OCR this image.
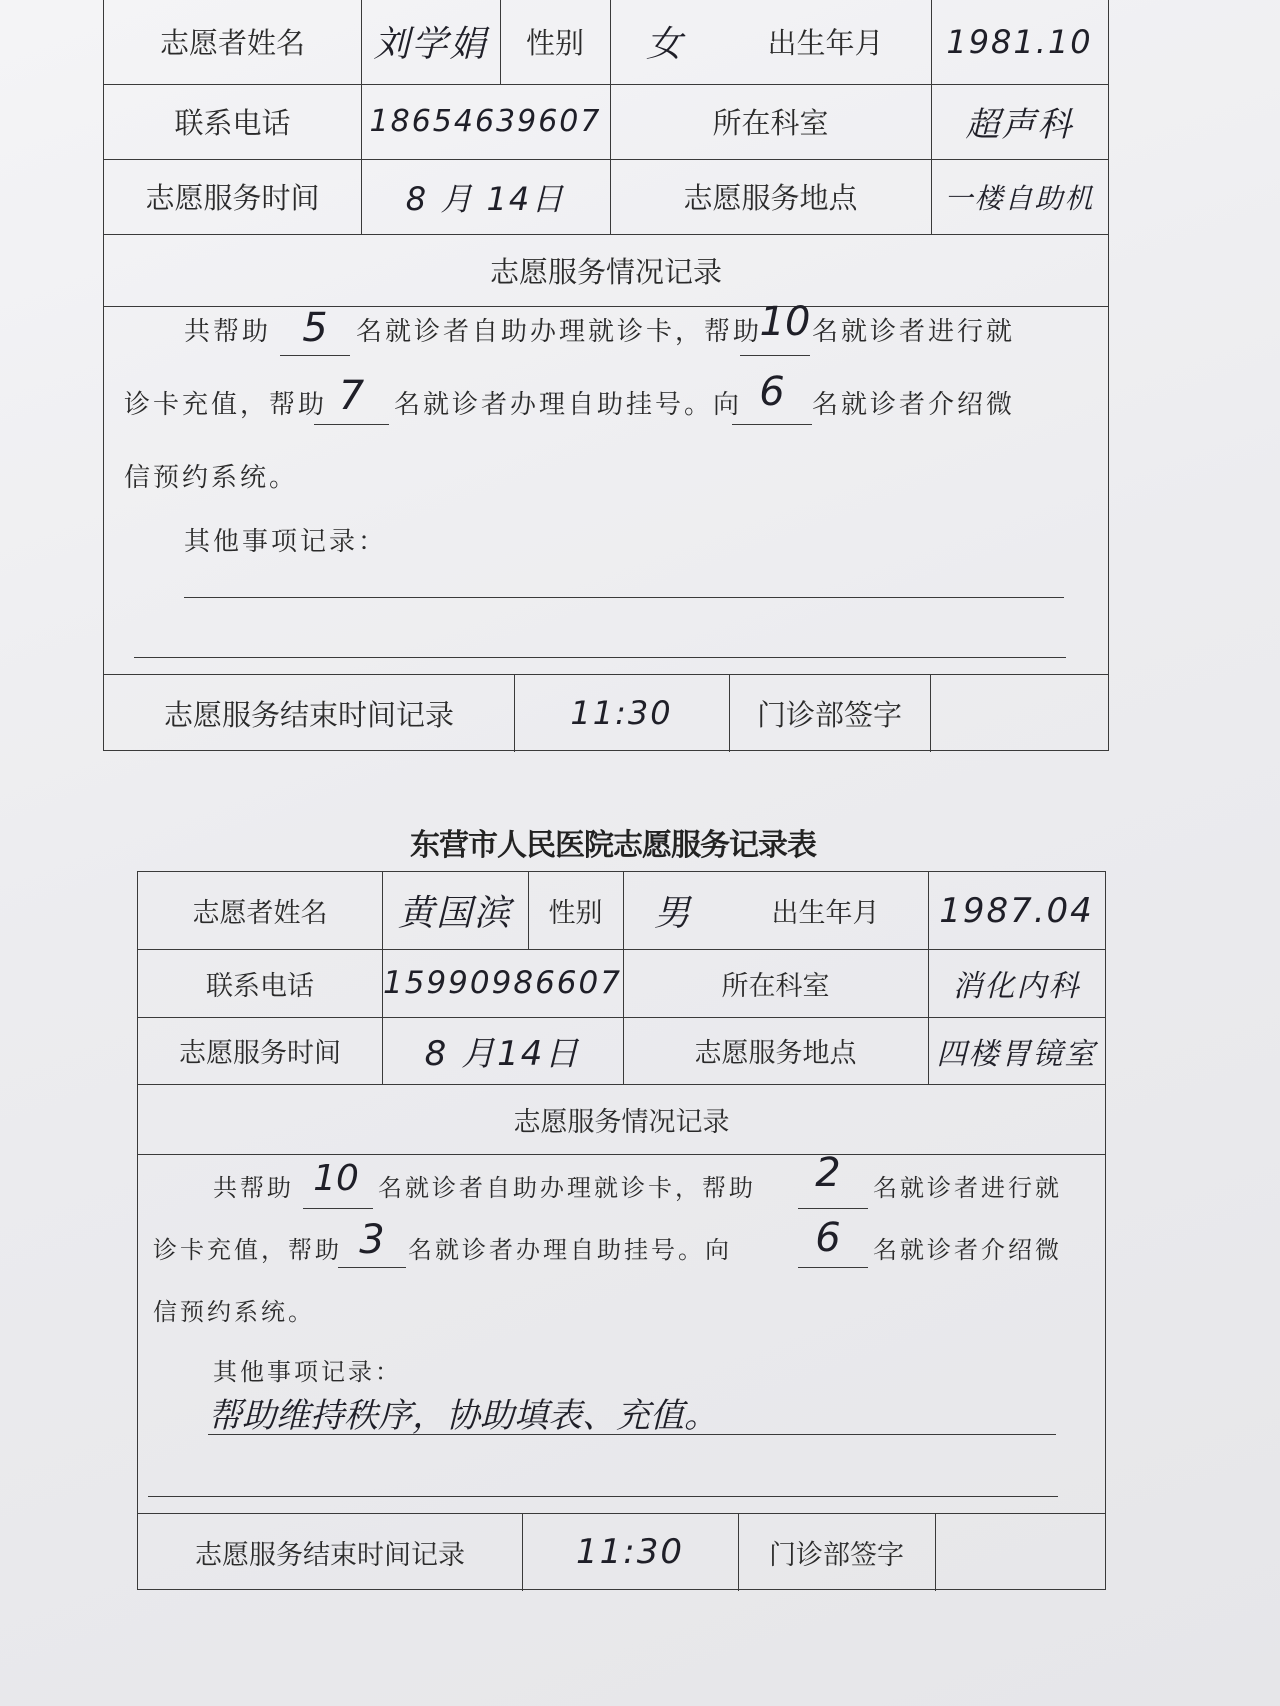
志愿者姓名	刘学娟	性别	女	出生年月	1981.10
联系电话	18654639607	所在科室	超声科
志愿服务时间	8 月 14日	志愿服务地点	一楼自助机
志愿服务情况记录
共帮助 5	名就诊者自助办理就诊卡，帮助
10 名就诊者进行就
诊卡充值，帮助 7	名就诊者办理自助挂号。向 6	名就诊者介绍微
信预约系统。
其他事项记录：
志愿服务结束时间记录	11:30	门诊部签字
东营市人民医院志愿服务记录表
志愿者姓名	黄国滨	性别	男	出生年月	1987.04
联系电话	15990986607	所在科室	消化内科
志愿服务时间	8 月14日	志愿服务地点	四楼胃镜室
志愿服务情况记录
共帮助 10 名就诊者自助办理就诊卡，帮助	2	名就诊者进行就
诊卡充值，帮助 3 名就诊者办理自助挂号。向	6	名就诊者介绍微
信预约系统。
其他事项记录：
帮助维持秩序，协助填表、充值。
志愿服务结束时间记录	11:30	门诊部签字
